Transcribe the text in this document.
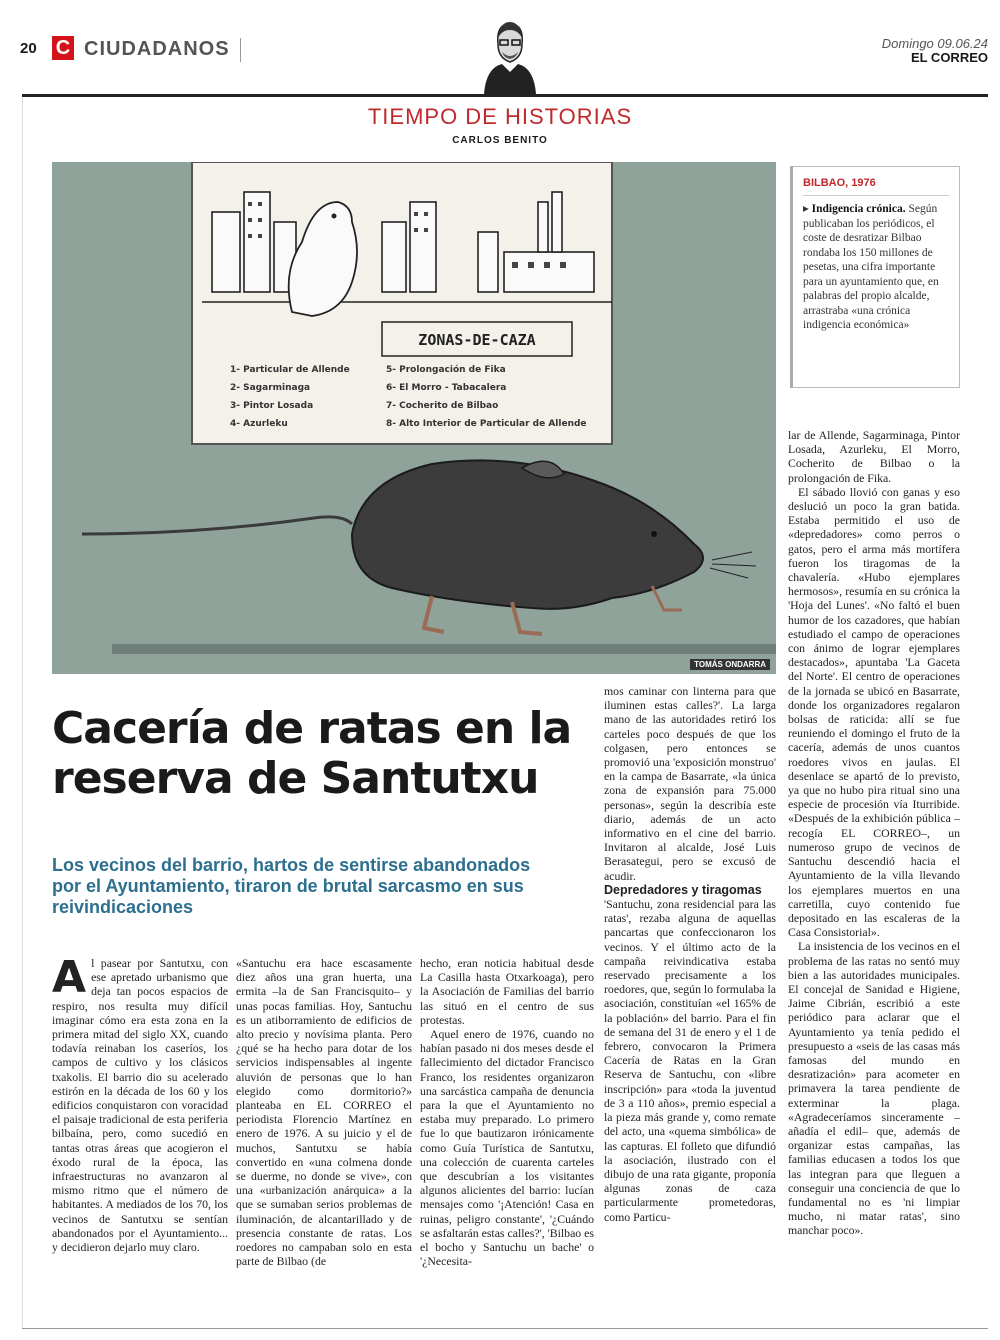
20 C CIUDADANOS	Domingo 09.06.24
EL CORREO
TIEMPO DE HISTORIAS
CARLOS BENITO
ZONAS-DE-CAZA
1- Particular de Allende
2- Sagarminaga
3- Pintor Losada
4- Azurleku
5- Prolongación de Fika
6- El Morro - Tabacalera
7- Cocherito de Bilbao
8- Alto Interior de Particular de Allende
TOMÁS ONDARRA
BILBAO, 1976
▸ Indigencia crónica. Según publicaban los periódicos, el coste de desratizar Bilbao rondaba los 150 millones de pesetas, una cifra importante para un ayuntamiento que, en palabras del propio alcalde, arrastraba «una crónica indigencia económica»
Cacería de ratas en la reserva de Santutxu
Los vecinos del barrio, hartos de sentirse abandonados por el Ayuntamiento, tiraron de brutal sarcasmo en sus reivindicaciones

Al pasear por Santutxu, con ese apretado urbanismo que deja tan pocos espacios de respiro, nos resulta muy difícil imaginar cómo era esta zona en la primera mitad del siglo XX, cuando todavía reinaban los caseríos, los campos de cultivo y los clásicos txakolis. El barrio dio su acelerado estirón en la década de los 60 y los edificios conquistaron con voracidad el paisaje tradicional de esta periferia bilbaína, pero, como sucedió en tantas otras áreas que acogieron el éxodo rural de la época, las infraestructuras no avanzaron al mismo ritmo que el número de habitantes. A mediados de los 70, los vecinos de Santutxu se sentían abandonados por el Ayuntamiento... y decidieron dejarlo muy claro.

«Santuchu era hace escasamente diez años una gran huerta, una ermita –la de San Francisquito– y unas pocas familias. Hoy, Santuchu es un atiborramiento de edificios de alto precio y novísima planta. Pero ¿qué se ha hecho para dotar de los servicios indispensables al ingente aluvión de personas que lo han elegido como dormitorio?» planteaba en EL CORREO el periodista Florencio Martínez en enero de 1976. A su juicio y el de muchos, Santutxu se había convertido en «una colmena donde se duerme, no donde se vive», con una «urbanización anárquica» a la que se sumaban serios problemas de iluminación, de alcantarillado y de presencia constante de ratas. Los roedores no campaban solo en esta parte de Bilbao (de

hecho, eran noticia habitual desde La Casilla hasta Otxarkoaga), pero la Asociación de Familias del barrio las situó en el centro de sus protestas.

Aquel enero de 1976, cuando no habían pasado ni dos meses desde el fallecimiento del dictador Francisco Franco, los residentes organizaron una sarcástica campaña de denuncia para la que el Ayuntamiento no estaba muy preparado. Lo primero fue lo que bautizaron irónicamente como Guía Turística de Santutxu, una colección de cuarenta carteles que descubrían a los visitantes algunos alicientes del barrio: lucían mensajes como '¡Atención! Casa en ruinas, peligro constante', '¿Cuándo se asfaltarán estas calles?', 'Bilbao es el bocho y Santuchu un bache' o '¿Necesita-

mos caminar con linterna para que iluminen estas calles?'. La larga mano de las autoridades retiró los carteles poco después de que los colgasen, pero entonces se promovió una 'exposición monstruo' en la campa de Basarrate, «la única zona de expansión para 75.000 personas», según la describía este diario, además de un acto informativo en el cine del barrio. Invitaron al alcalde, José Luis Berasategui, pero se excusó de acudir.

Depredadores y tiragomas

'Santuchu, zona residencial para las ratas', rezaba alguna de aquellas pancartas que confeccionaron los vecinos. Y el último acto de la campaña reivindicativa estaba reservado precisamente a los roedores, que, según lo formulaba la asociación, constituían «el 165% de la población» del barrio. Para el fin de semana del 31 de enero y el 1 de febrero, convocaron la Primera Cacería de Ratas en la Gran Reserva de Santuchu, con «libre inscripción» para «toda la juventud de 3 a 110 años», premio especial a la pieza más grande y, como remate del acto, una «quema simbólica» de las capturas. El folleto que difundió la asociación, ilustrado con el dibujo de una rata gigante, proponía algunas zonas de caza particularmente prometedoras, como Particu-

lar de Allende, Sagarminaga, Pintor Losada, Azurleku, El Morro, Cocherito de Bilbao o la prolongación de Fika.

El sábado llovió con ganas y eso deslució un poco la gran batida. Estaba permitido el uso de «depredadores» como perros o gatos, pero el arma más mortífera fueron los tiragomas de la chavalería. «Hubo ejemplares hermosos», resumía en su crónica la 'Hoja del Lunes'. «No faltó el buen humor de los cazadores, que habían estudiado el campo de operaciones con ánimo de lograr ejemplares destacados», apuntaba 'La Gaceta del Norte'. El centro de operaciones de la jornada se ubicó en Basarrate, donde los organizadores regalaron bolsas de raticida: allí se fue reuniendo el domingo el fruto de la cacería, además de unos cuantos roedores vivos en jaulas. El desenlace se apartó de lo previsto, ya que no hubo pira ritual sino una especie de procesión vía Iturribide. «Después de la exhibición pública –recogía EL CORREO–, un numeroso grupo de vecinos de Santuchu descendió hacia el Ayuntamiento de la villa llevando los ejemplares muertos en una carretilla, cuyo contenido fue depositado en las escaleras de la Casa Consistorial».

La insistencia de los vecinos en el problema de las ratas no sentó muy bien a las autoridades municipales. El concejal de Sanidad e Higiene, Jaime Cibrián, escribió a este periódico para aclarar que el Ayuntamiento ya tenía pedido el presupuesto a «seis de las casas más famosas del mundo en desratización» para acometer en primavera la tarea pendiente de exterminar la plaga. «Agradeceríamos sinceramente –añadía el edil– que, además de organizar estas campañas, las familias educasen a todos los que las integran para que lleguen a conseguir una conciencia de que lo fundamental no es 'ni limpiar mucho, ni matar ratas', sino manchar poco».
